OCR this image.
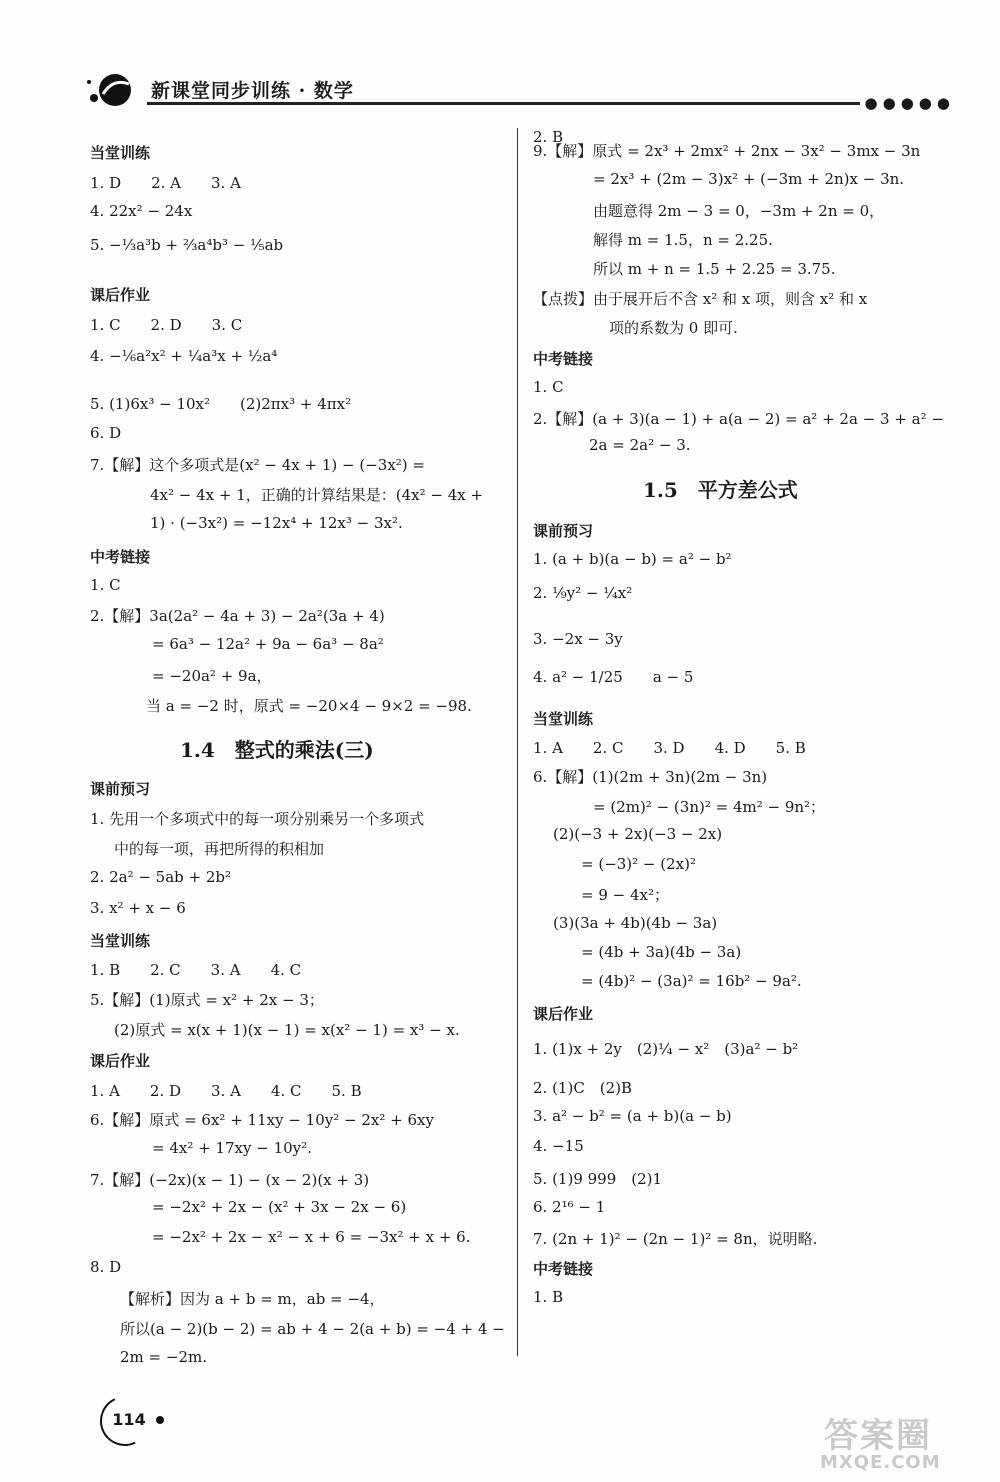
新课堂同步训练 · 数学
●●●●●
当堂训练
1. D　　2. A　　3. A
4. 22x² − 24x
5. −⅓a³b + ⅔a⁴b³ − ⅕ab
课后作业
1. C　　2. D　　3. C
4. −⅙a²x² + ¼a³x + ½a⁴
5. (1)6x³ − 10x²　　(2)2πx³ + 4πx²
6. D
7.【解】这个多项式是(x² − 4x + 1) − (−3x²) =
4x² − 4x + 1，正确的计算结果是：(4x² − 4x +
1) · (−3x²) = −12x⁴ + 12x³ − 3x².
中考链接
1. C
2.【解】3a(2a² − 4a + 3) − 2a²(3a + 4)
= 6a³ − 12a² + 9a − 6a³ − 8a²
= −20a² + 9a，
当 a = −2 时，原式 = −20×4 − 9×2 = −98.
1.4　整式的乘法(三)
课前预习
1. 先用一个多项式中的每一项分别乘另一个多项式
中的每一项，再把所得的积相加
2. 2a² − 5ab + 2b²
3. x² + x − 6
当堂训练
1. B　　2. C　　3. A　　4. C
5.【解】(1)原式 = x² + 2x − 3；
(2)原式 = x(x + 1)(x − 1) = x(x² − 1) = x³ − x.
课后作业
1. A　　2. D　　3. A　　4. C　　5. B
6.【解】原式 = 6x² + 11xy − 10y² − 2x² + 6xy
= 4x² + 17xy − 10y².
7.【解】(−2x)(x − 1) − (x − 2)(x + 3)
= −2x² + 2x − (x² + 3x − 2x − 6)
= −2x² + 2x − x² − x + 6 = −3x² + x + 6.
8. D
【解析】因为 a + b = m，ab = −4，
所以(a − 2)(b − 2) = ab + 4 − 2(a + b) = −4 + 4 −
2m = −2m.
9.【解】原式 = 2x³ + 2mx² + 2nx − 3x² − 3mx − 3n
= 2x³ + (2m − 3)x² + (−3m + 2n)x − 3n.
由题意得 2m − 3 = 0，−3m + 2n = 0，
解得 m = 1.5，n = 2.25.
所以 m + n = 1.5 + 2.25 = 3.75.
【点拨】由于展开后不含 x² 和 x 项，则含 x² 和 x
项的系数为 0 即可.
中考链接
1. C
2.【解】(a + 3)(a − 1) + a(a − 2) = a² + 2a − 3 + a² −
2a = 2a² − 3.
1.5　平方差公式
课前预习
1. (a + b)(a − b) = a² − b²
2. ⅑y² − ¼x²
3. −2x − 3y
4. a² − 1/25　　a − 5
当堂训练
1. A　　2. C　　3. D　　4. D　　5. B
6.【解】(1)(2m + 3n)(2m − 3n)
= (2m)² − (3n)² = 4m² − 9n²；
(2)(−3 + 2x)(−3 − 2x)
= (−3)² − (2x)²
= 9 − 4x²；
(3)(3a + 4b)(4b − 3a)
= (4b + 3a)(4b − 3a)
= (4b)² − (3a)² = 16b² − 9a².
课后作业
1. (1)x + 2y　(2)¼ − x²　(3)a² − b²
2. (1)C　(2)B
3. a² − b² = (a + b)(a − b)
4. −15
5. (1)9 999　(2)1
6. 2¹⁶ − 1
7. (2n + 1)² − (2n − 1)² = 8n，说明略.
中考链接
1. B
2. B
114	答案圈
MXQE.COM
